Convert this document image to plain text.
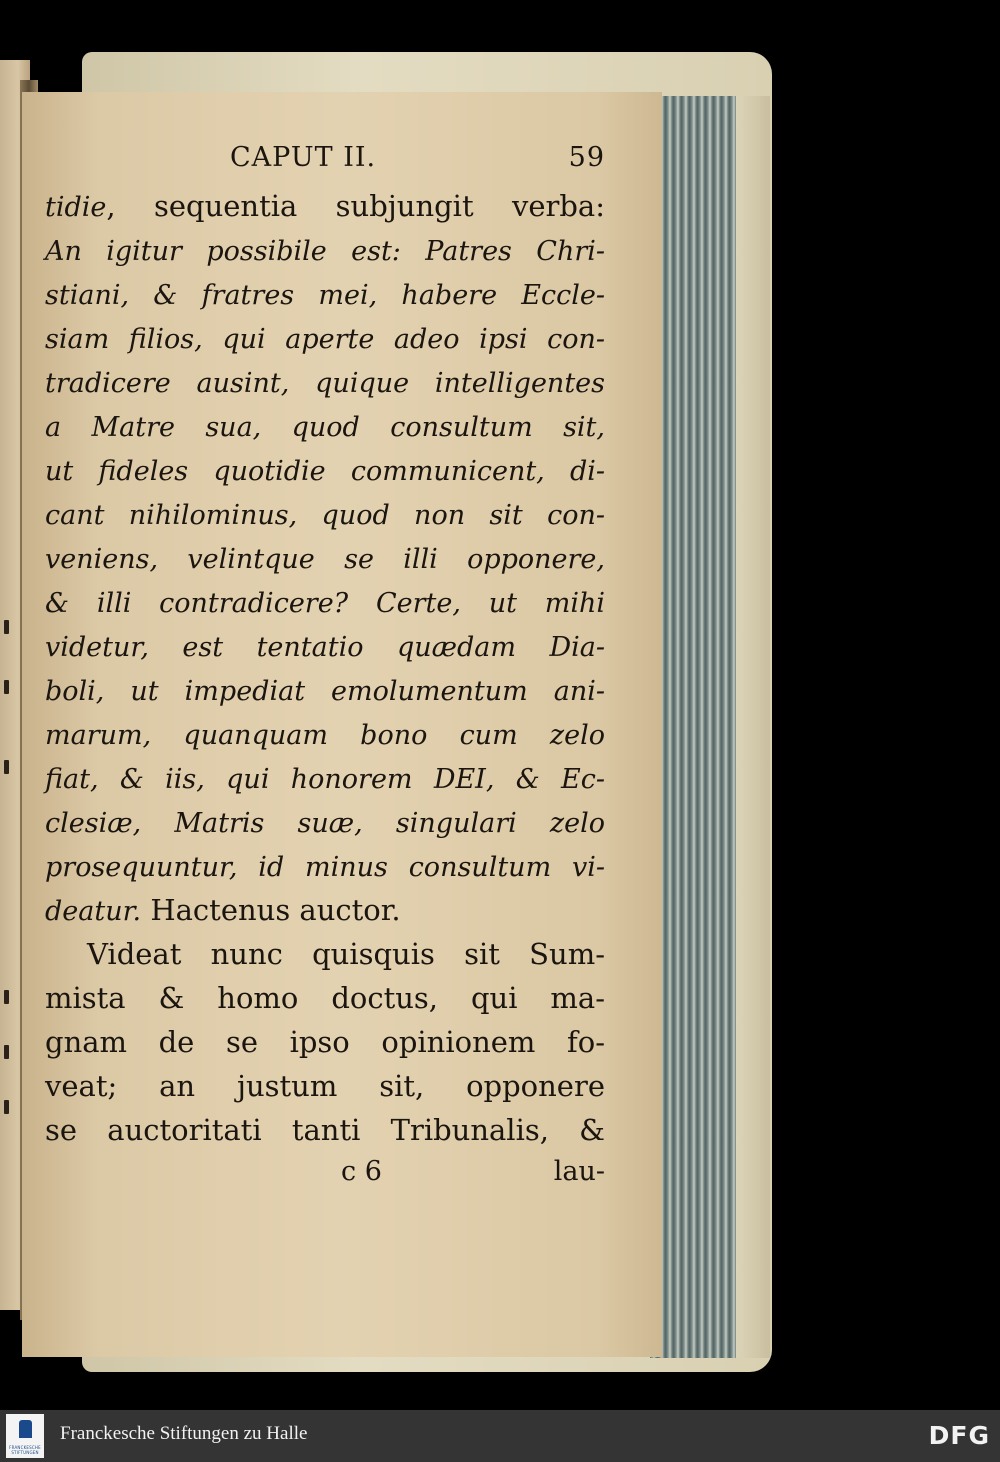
CAPUT II.	59
tidie, sequentia subjungit verba:
An igitur possibile est: Patres Chri-
stiani, & fratres mei, habere Eccle-
siam filios, qui aperte adeo ipsi con-
tradicere ausint, quique intelligentes
a Matre sua, quod consultum sit,
ut fideles quotidie communicent, di-
cant nihilominus, quod non sit con-
veniens, velintque se illi opponere,
& illi contradicere? Certe, ut mihi
videtur, est tentatio quædam Dia-
boli, ut impediat emolumentum ani-
marum, quanquam bono cum zelo
fiat, & iis, qui honorem DEI, & Ec-
clesiæ, Matris suæ, singulari zelo
prosequuntur, id minus consultum vi-
deatur. Hactenus auctor.
Videat nunc quisquis sit Sum-
mista & homo doctus, qui ma-
gnam de se ipso opinionem fo-
veat; an justum sit, opponere
se auctoritati tanti Tribunalis, &
c 6	lau-
FRANCKESCHE STIFTUNGEN
Franckesche Stiftungen zu Halle	DFG
